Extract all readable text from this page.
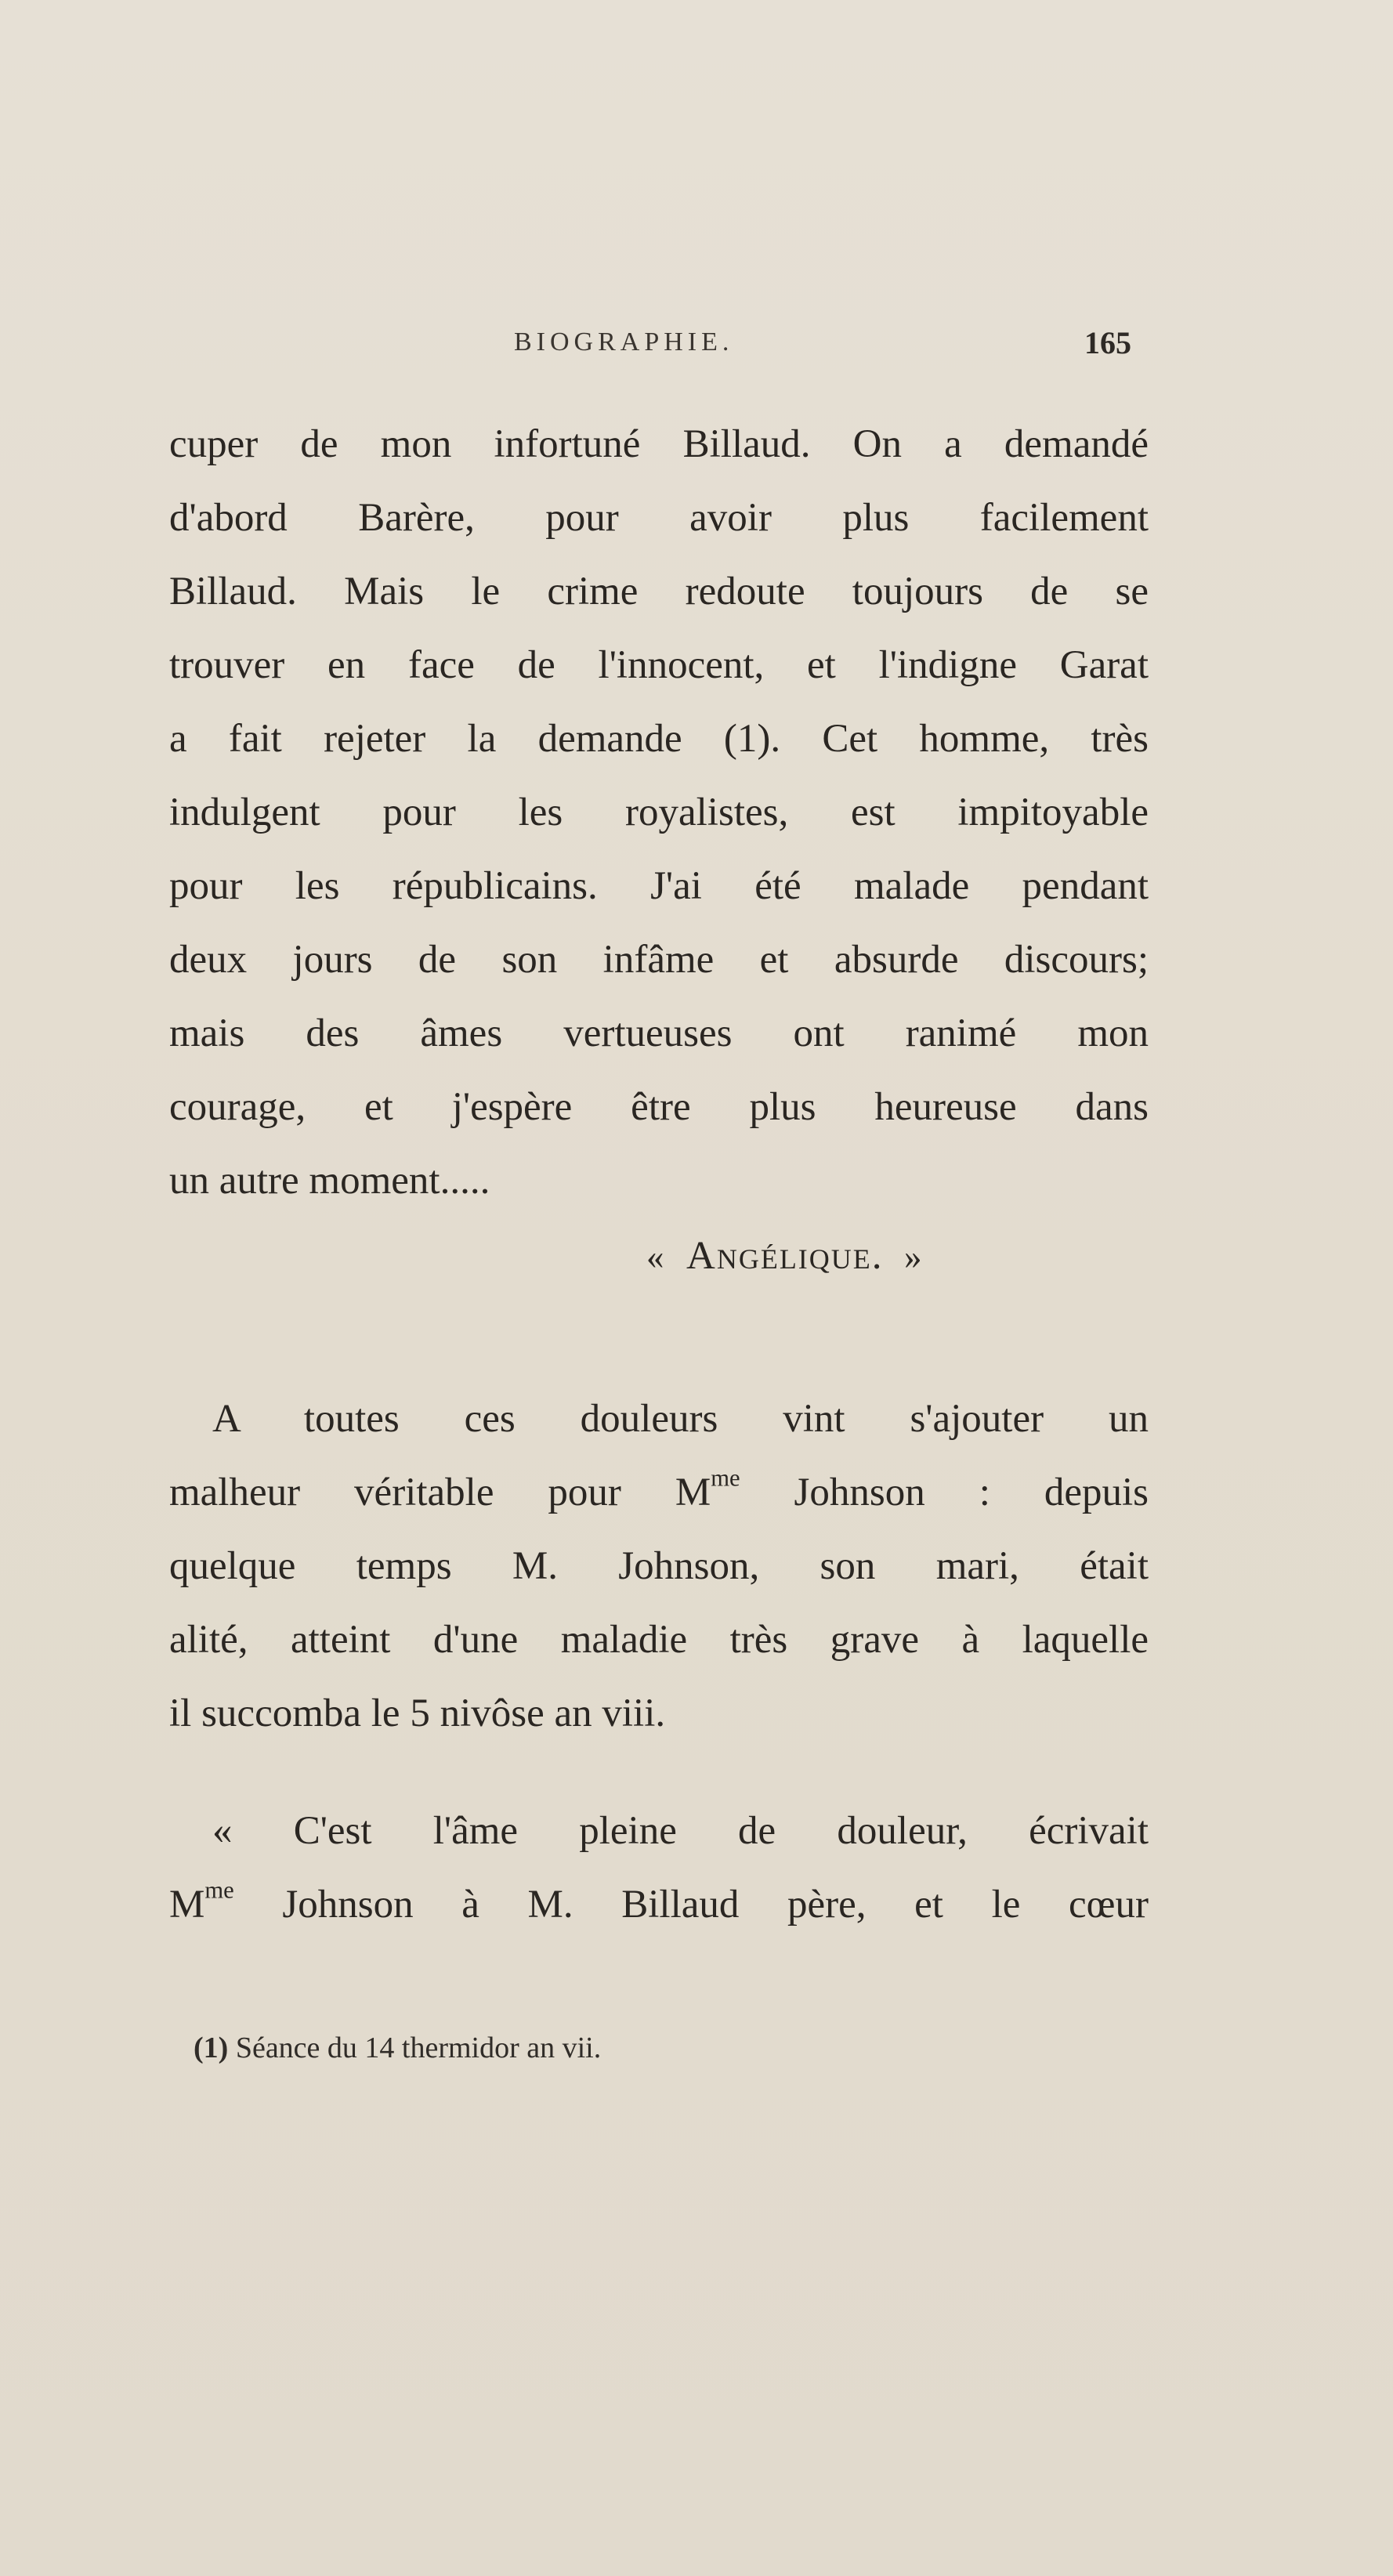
BIOGRAPHIE.	165
cuper de mon infortuné Billaud. On a demandé
d'abord Barère, pour avoir plus facilement
Billaud. Mais le crime redoute toujours de se
trouver en face de l'innocent, et l'indigne Garat
a fait rejeter la demande (1). Cet homme, très
indulgent pour les royalistes, est impitoyable
pour les républicains. J'ai été malade pendant
deux jours de son infâme et absurde discours;
mais des âmes vertueuses ont ranimé mon
courage, et j'espère être plus heureuse dans
un autre moment.....
« Angélique. »
A toutes ces douleurs vint s'ajouter un
malheur véritable pour $M^{me}$ Johnson : depuis
quelque temps M. Johnson, son mari, était
alité, atteint d'une maladie très grave à laquelle
il succomba le 5 nivôse an viii.
« C'est l'âme pleine de douleur, écrivait
$M^{me}$ Johnson à M. Billaud père, et le cœur
(1) Séance du 14 thermidor an vii.
